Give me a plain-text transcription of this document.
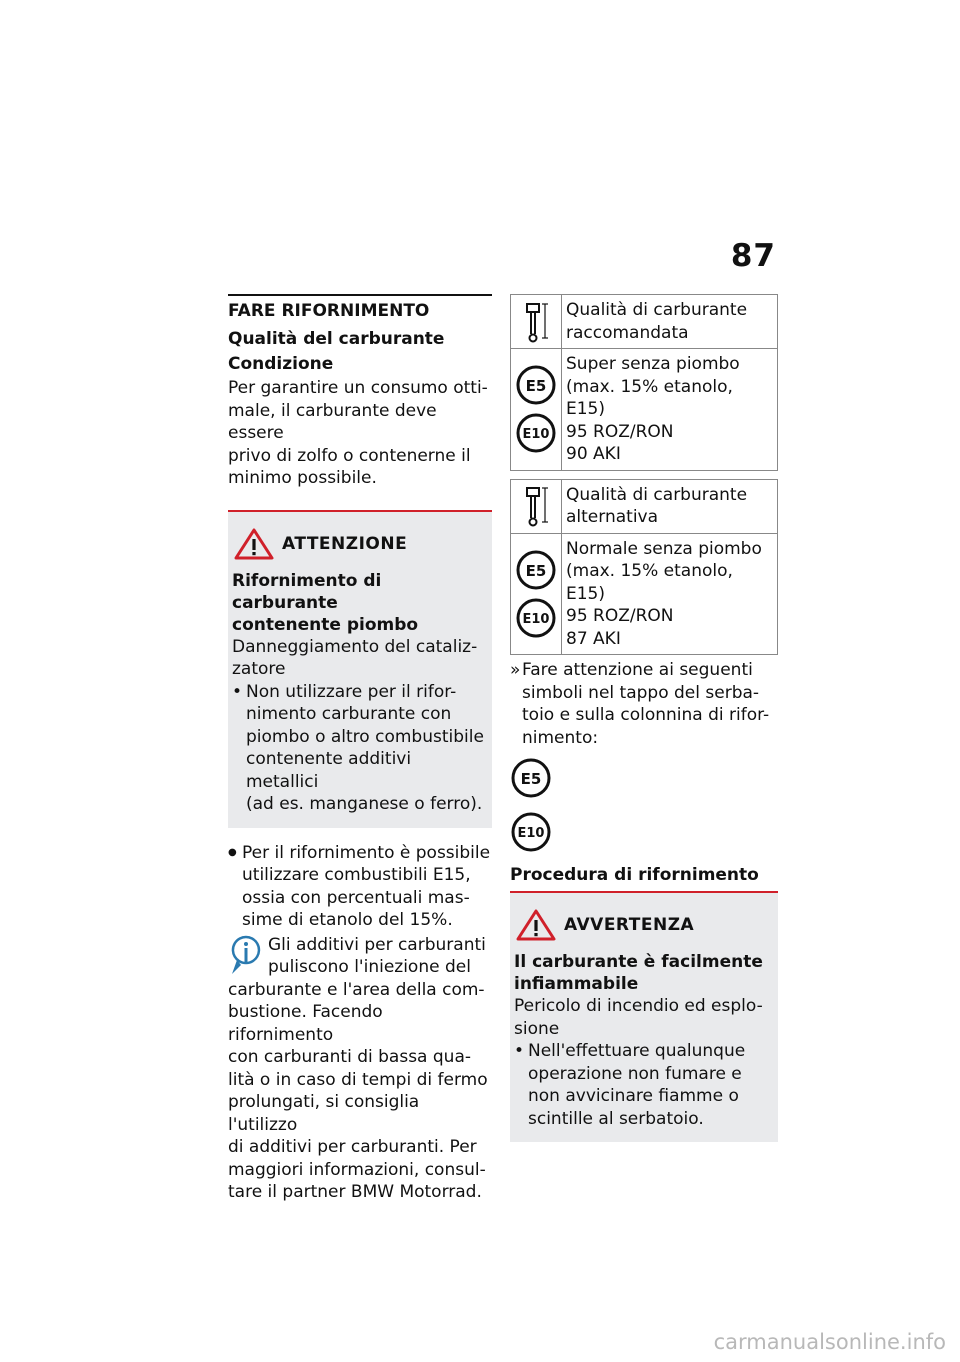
87
FARE RIFORNIMENTO
Qualità del carburante
Condizione
Per garantire un consumo otti-
male, il carburante deve essere
privo di zolfo o contenerne il
minimo possibile.
ATTENZIONE
Rifornimento di carburante
contenente piombo
Danneggiamento del cataliz-
zatore
• Non utilizzare per il rifor-
nimento carburante con
piombo o altro combustibile
contenente additivi metallici
(ad es. manganese o ferro).
● Per il rifornimento è possibile
utilizzare combustibili E15,
ossia con percentuali mas-
sime di etanolo del 15%.
Gli additivi per carburanti
puliscono l'iniezione del
carburante e l'area della com-
bustione. Facendo rifornimento
con carburanti di bassa qua-
lità o in caso di tempi di fermo
prolungati, si consiglia l'utilizzo
di additivi per carburanti. Per
maggiori informazioni, consul-
tare il partner BMW Motorrad.
Qualità di carburante
raccomandata
E5
E10
Super senza piombo
(max. 15% etanolo,
E15)
95 ROZ/RON
90 AKI
Qualità di carburante
alternativa
E5
E10
Normale senza piombo
(max. 15% etanolo,
E15)
95 ROZ/RON
87 AKI
» Fare attenzione ai seguenti
simboli nel tappo del serba-
toio e sulla colonnina di rifor-
nimento:
E5
E10
Procedura di rifornimento
AVVERTENZA
Il carburante è facilmente
infiammabile
Pericolo di incendio ed esplo-
sione
• Nell'effettuare qualunque
operazione non fumare e
non avvicinare fiamme o
scintille al serbatoio.
carmanualsonline.info
